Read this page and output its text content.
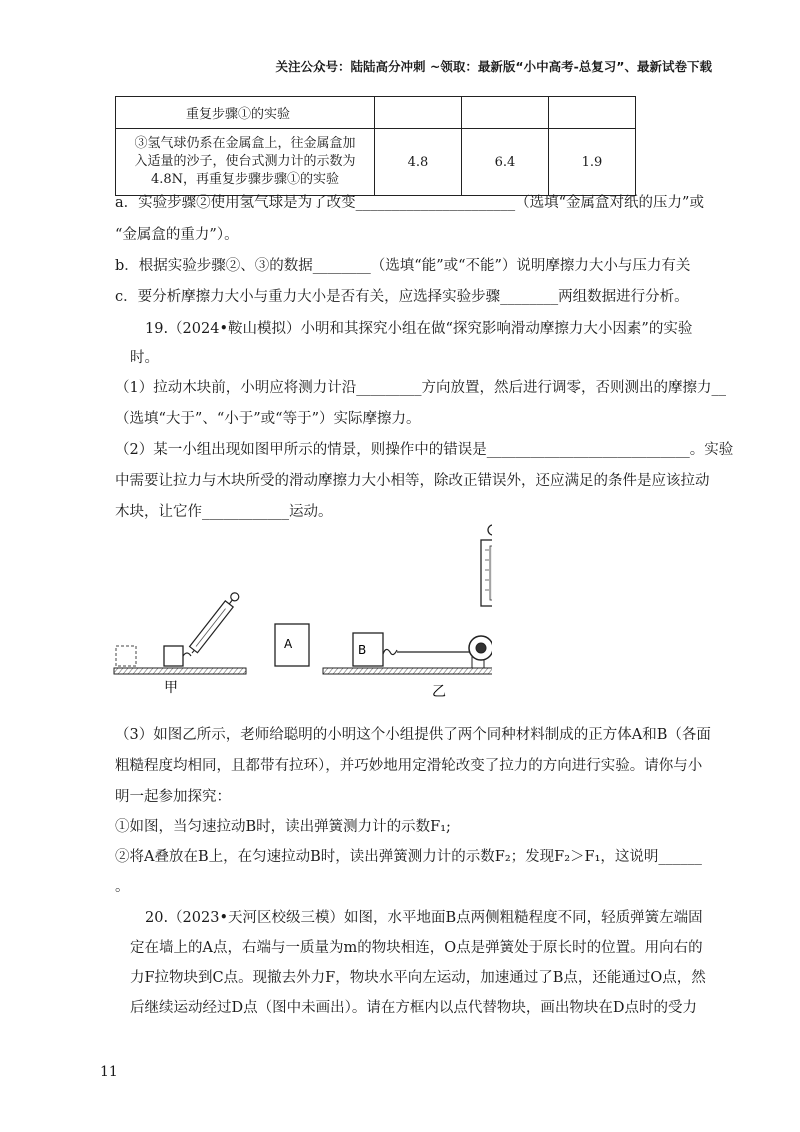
关注公众号：陆陆高分冲刺 ~领取：最新版“小中高考-总复习”、最新试卷下载
重复步骤①的实验			

③氢气球仍系在金属盒上，往金属盒加
入适量的沙子，使台式测力计的示数为
4.8N，再重复步骤步骤①的实验	4.8	6.4	1.9
a．实验步骤②使用氢气球是为了改变______________________（选填“金属盒对纸的压力”或
“金属盒的重力”）。
b．根据实验步骤②、③的数据________（选填“能”或“不能”）说明摩擦力大小与压力有关
c．要分析摩擦力大小与重力大小是否有关，应选择实验步骤________两组数据进行分析。
19.（2024•鞍山模拟）小明和其探究小组在做“探究影响滑动摩擦力大小因素”的实验
时。
（1）拉动木块前，小明应将测力计沿_________方向放置，然后进行调零，否则测出的摩擦力__
（选填“大于”、“小于”或“等于”）实际摩擦力。
（2）某一小组出现如图甲所示的情景，则操作中的错误是____________________________。实验
中需要让拉力与木块所受的滑动摩擦力大小相等，除改正错误外，还应满足的条件是应该拉动
木块，让它作____________运动。
甲
A	B
乙
（3）如图乙所示，老师给聪明的小明这个小组提供了两个同种材料制成的正方体A和B（各面
粗糙程度均相同，且都带有拉环），并巧妙地用定滑轮改变了拉力的方向进行实验。请你与小
明一起参加探究：
①如图，当匀速拉动B时，读出弹簧测力计的示数F₁;
②将A叠放在B上，在匀速拉动B时，读出弹簧测力计的示数F₂；发现F₂＞F₁，这说明______
。
20.（2023•天河区校级三模）如图，水平地面B点两侧粗糙程度不同，轻质弹簧左端固
定在墙上的A点，右端与一质量为m的物块相连，O点是弹簧处于原长时的位置。用向右的
力F拉物块到C点。现撤去外力F，物块水平向左运动，加速通过了B点，还能通过O点，然
后继续运动经过D点（图中未画出）。请在方框内以点代替物块，画出物块在D点时的受力
11
